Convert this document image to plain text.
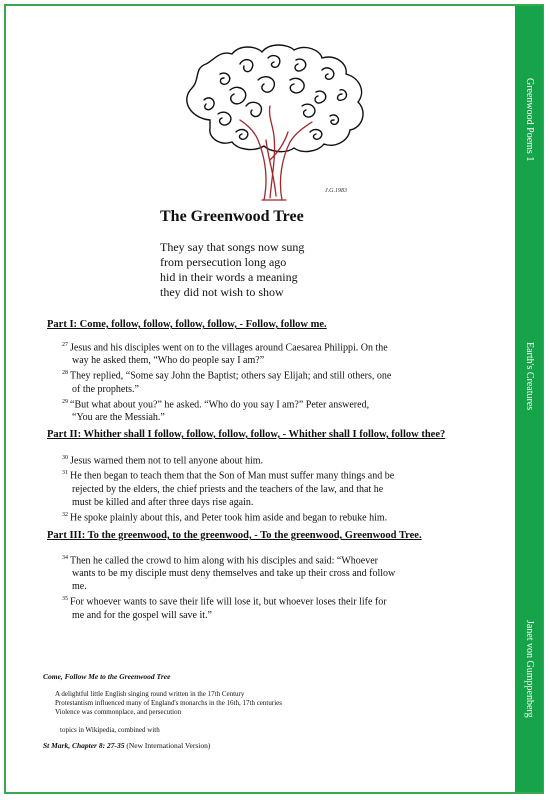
Greenwood Poems 1
Earth's Creatures
Janet von Gumppenberg
J.G.1983
The Greenwood Tree
They say that songs now sung
from persecution long ago
hid in their words a meaning
they did not wish to show
Part I: Come, follow, follow, follow, follow, - Follow, follow me.
$^{27}$ Jesus and his disciples went on to the villages around Caesarea Philippi. On the
way he asked them, “Who do people say I am?”
$^{28}$ They replied, “Some say John the Baptist; others say Elijah; and still others, one
of the prophets.”
$^{29}$ “But what about you?” he asked. “Who do you say I am?” Peter answered,
“You are the Messiah.”
Part II: Whither shall I follow, follow, follow, follow, - Whither shall I follow, follow thee?
$^{30}$ Jesus warned them not to tell anyone about him.
$^{31}$ He then began to teach them that the Son of Man must suffer many things and be
rejected by the elders, the chief priests and the teachers of the law, and that he
must be killed and after three days rise again.
$^{32}$ He spoke plainly about this, and Peter took him aside and began to rebuke him.
Part III: To the greenwood, to the greenwood, - To the greenwood, Greenwood Tree.
$^{34}$ Then he called the crowd to him along with his disciples and said: “Whoever
wants to be my disciple must deny themselves and take up their cross and follow
me.
$^{35}$ For whoever wants to save their life will lose it, but whoever loses their life for
me and for the gospel will save it.”
Come, Follow Me to the Greenwood Tree
A delightful little English singing round written in the 17th Century
Protestantism influenced many of England's monarchs in the 16th, 17th centuries
Violence was commonplace, and persecution
topics in Wikipedia, combined with
St Mark, Chapter 8: 27-35 (New International Version)
